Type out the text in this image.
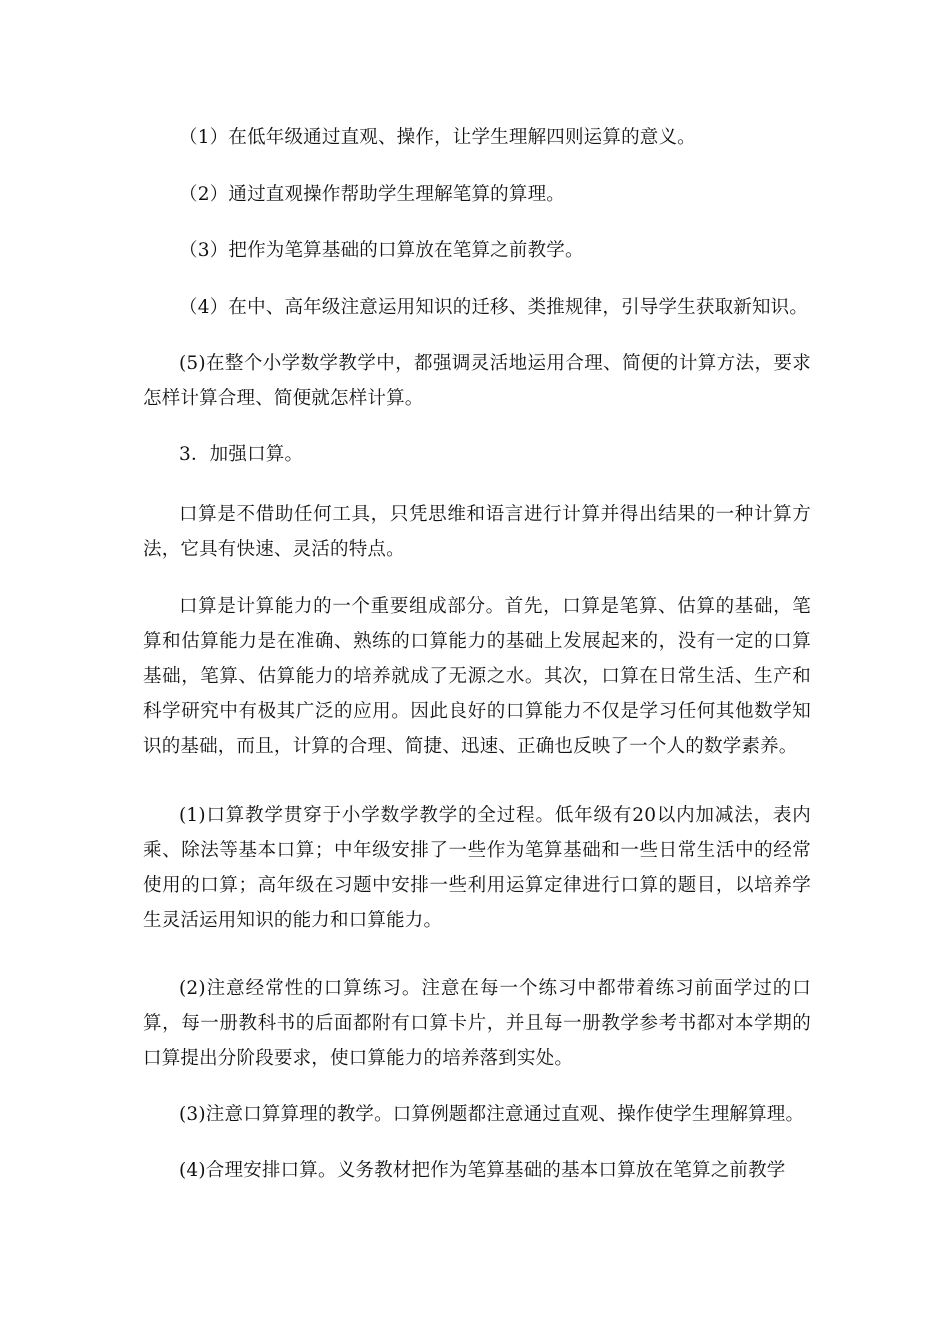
（1）在低年级通过直观、操作，让学生理解四则运算的意义。

（2）通过直观操作帮助学生理解笔算的算理。

（3）把作为笔算基础的口算放在笔算之前教学。

（4）在中、高年级注意运用知识的迁移、类推规律，引导学生获取新知识。

(5)在整个小学数学教学中，都强调灵活地运用合理、简便的计算方法，要求怎样计算合理、简便就怎样计算。

3．加强口算。

口算是不借助任何工具，只凭思维和语言进行计算并得出结果的一种计算方法，它具有快速、灵活的特点。

口算是计算能力的一个重要组成部分。首先，口算是笔算、估算的基础，笔算和估算能力是在准确、熟练的口算能力的基础上发展起来的，没有一定的口算基础，笔算、估算能力的培养就成了无源之水。其次，口算在日常生活、生产和科学研究中有极其广泛的应用。因此良好的口算能力不仅是学习任何其他数学知识的基础，而且，计算的合理、简捷、迅速、正确也反映了一个人的数学素养。

(1)口算教学贯穿于小学数学教学的全过程。低年级有20以内加减法，表内乘、除法等基本口算；中年级安排了一些作为笔算基础和一些日常生活中的经常使用的口算；高年级在习题中安排一些利用运算定律进行口算的题目，以培养学生灵活运用知识的能力和口算能力。

(2)注意经常性的口算练习。注意在每一个练习中都带着练习前面学过的口算，每一册教科书的后面都附有口算卡片，并且每一册教学参考书都对本学期的口算提出分阶段要求，使口算能力的培养落到实处。

(3)注意口算算理的教学。口算例题都注意通过直观、操作使学生理解算理。

(4)合理安排口算。义务教材把作为笔算基础的基本口算放在笔算之前教学
